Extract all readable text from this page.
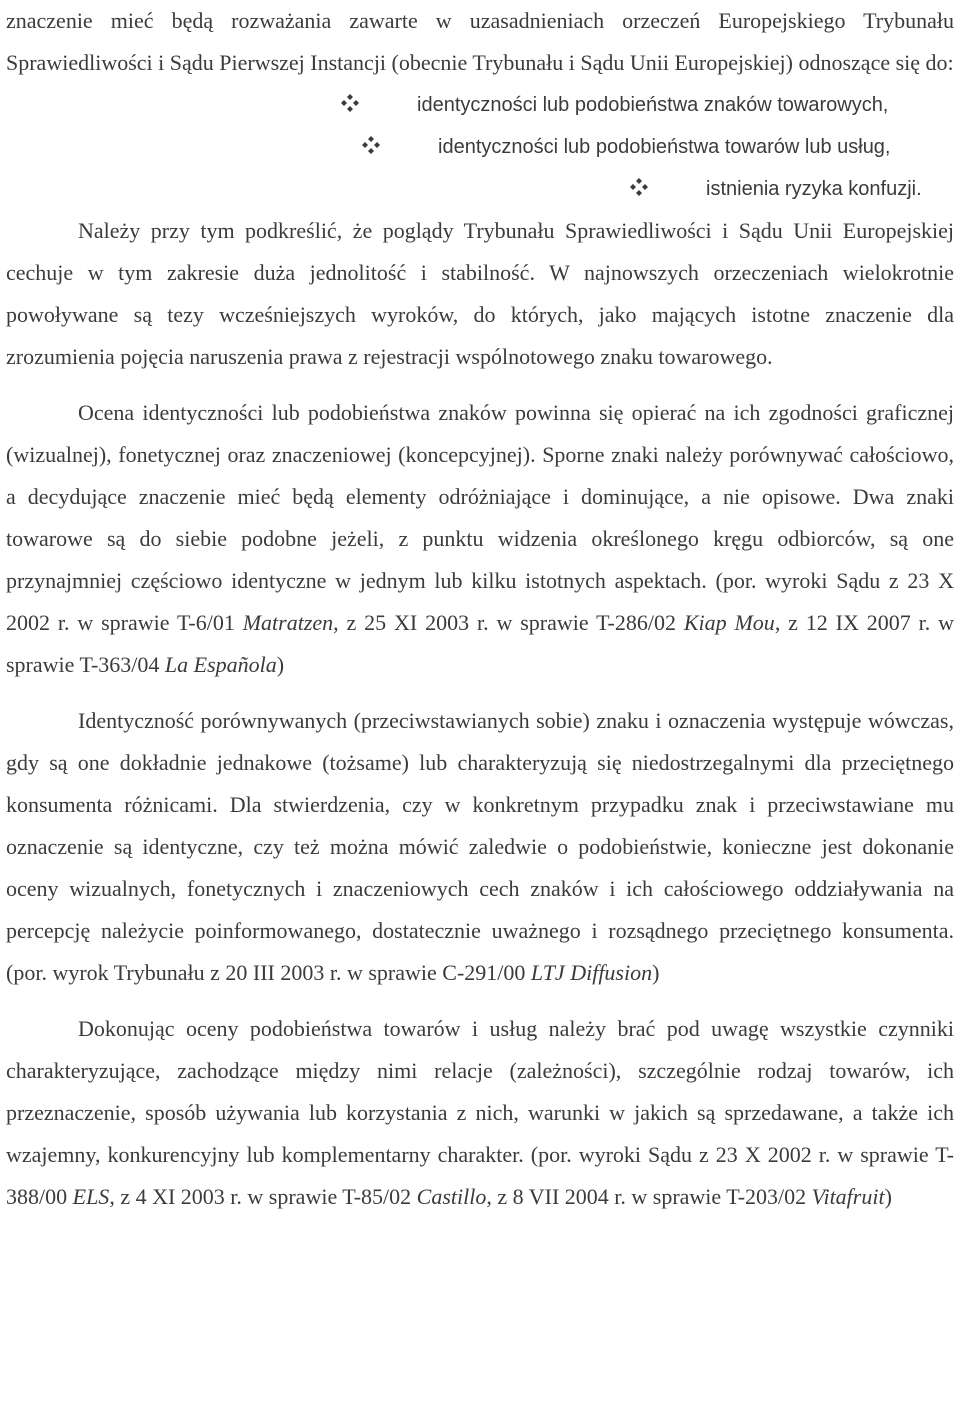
znaczenie mieć będą rozważania zawarte w uzasadnieniach orzeczeń Europejskiego Trybunału Sprawiedliwości i Sądu Pierwszej Instancji (obecnie Trybunału i Sądu Unii Europejskiej) odnoszące się do:

identyczności lub podobieństwa znaków towarowych,
identyczności lub podobieństwa towarów lub usług,
istnienia ryzyka konfuzji.

Należy przy tym podkreślić, że poglądy Trybunału Sprawiedliwości i Sądu Unii Europejskiej cechuje w tym zakresie duża jednolitość i stabilność. W najnowszych orzeczeniach wielokrotnie powoływane są tezy wcześniejszych wyroków, do których, jako mających istotne znaczenie dla zrozumienia pojęcia naruszenia prawa z rejestracji wspólnotowego znaku towarowego.

Ocena identyczności lub podobieństwa znaków powinna się opierać na ich zgodności graficznej (wizualnej), fonetycznej oraz znaczeniowej (koncepcyjnej). Sporne znaki należy porównywać całościowo, a decydujące znaczenie mieć będą elementy odróżniające i dominujące, a nie opisowe. Dwa znaki towarowe są do siebie podobne jeżeli, z punktu widzenia określonego kręgu odbiorców, są one przynajmniej częściowo identyczne w jednym lub kilku istotnych aspektach. (por. wyroki Sądu z 23 X 2002 r. w sprawie T-6/01 Matratzen, z 25 XI 2003 r. w sprawie T-286/02 Kiap Mou, z 12 IX 2007 r. w sprawie T-363/04 La Española)

Identyczność porównywanych (przeciwstawianych sobie) znaku i oznaczenia występuje wówczas, gdy są one dokładnie jednakowe (tożsame) lub charakteryzują się niedostrzegalnymi dla przeciętnego konsumenta różnicami. Dla stwierdzenia, czy w konkretnym przypadku znak i przeciwstawiane mu oznaczenie są identyczne, czy też można mówić zaledwie o podobieństwie, konieczne jest dokonanie oceny wizualnych, fonetycznych i znaczeniowych cech znaków i ich całościowego oddziaływania na percepcję należycie poinformowanego, dostatecznie uważnego i rozsądnego przeciętnego konsumenta. (por. wyrok Trybunału z 20 III 2003 r. w sprawie C-291/00 LTJ Diffusion)

Dokonując oceny podobieństwa towarów i usług należy brać pod uwagę wszystkie czynniki charakteryzujące, zachodzące między nimi relacje (zależności), szczególnie rodzaj towarów, ich przeznaczenie, sposób używania lub korzystania z nich, warunki w jakich są sprzedawane, a także ich wzajemny, konkurencyjny lub komplementarny charakter. (por. wyroki Sądu z 23 X 2002 r. w sprawie T-388/00 ELS, z 4 XI 2003 r. w sprawie T-85/02 Castillo, z 8 VII 2004 r. w sprawie T-203/02 Vitafruit)
